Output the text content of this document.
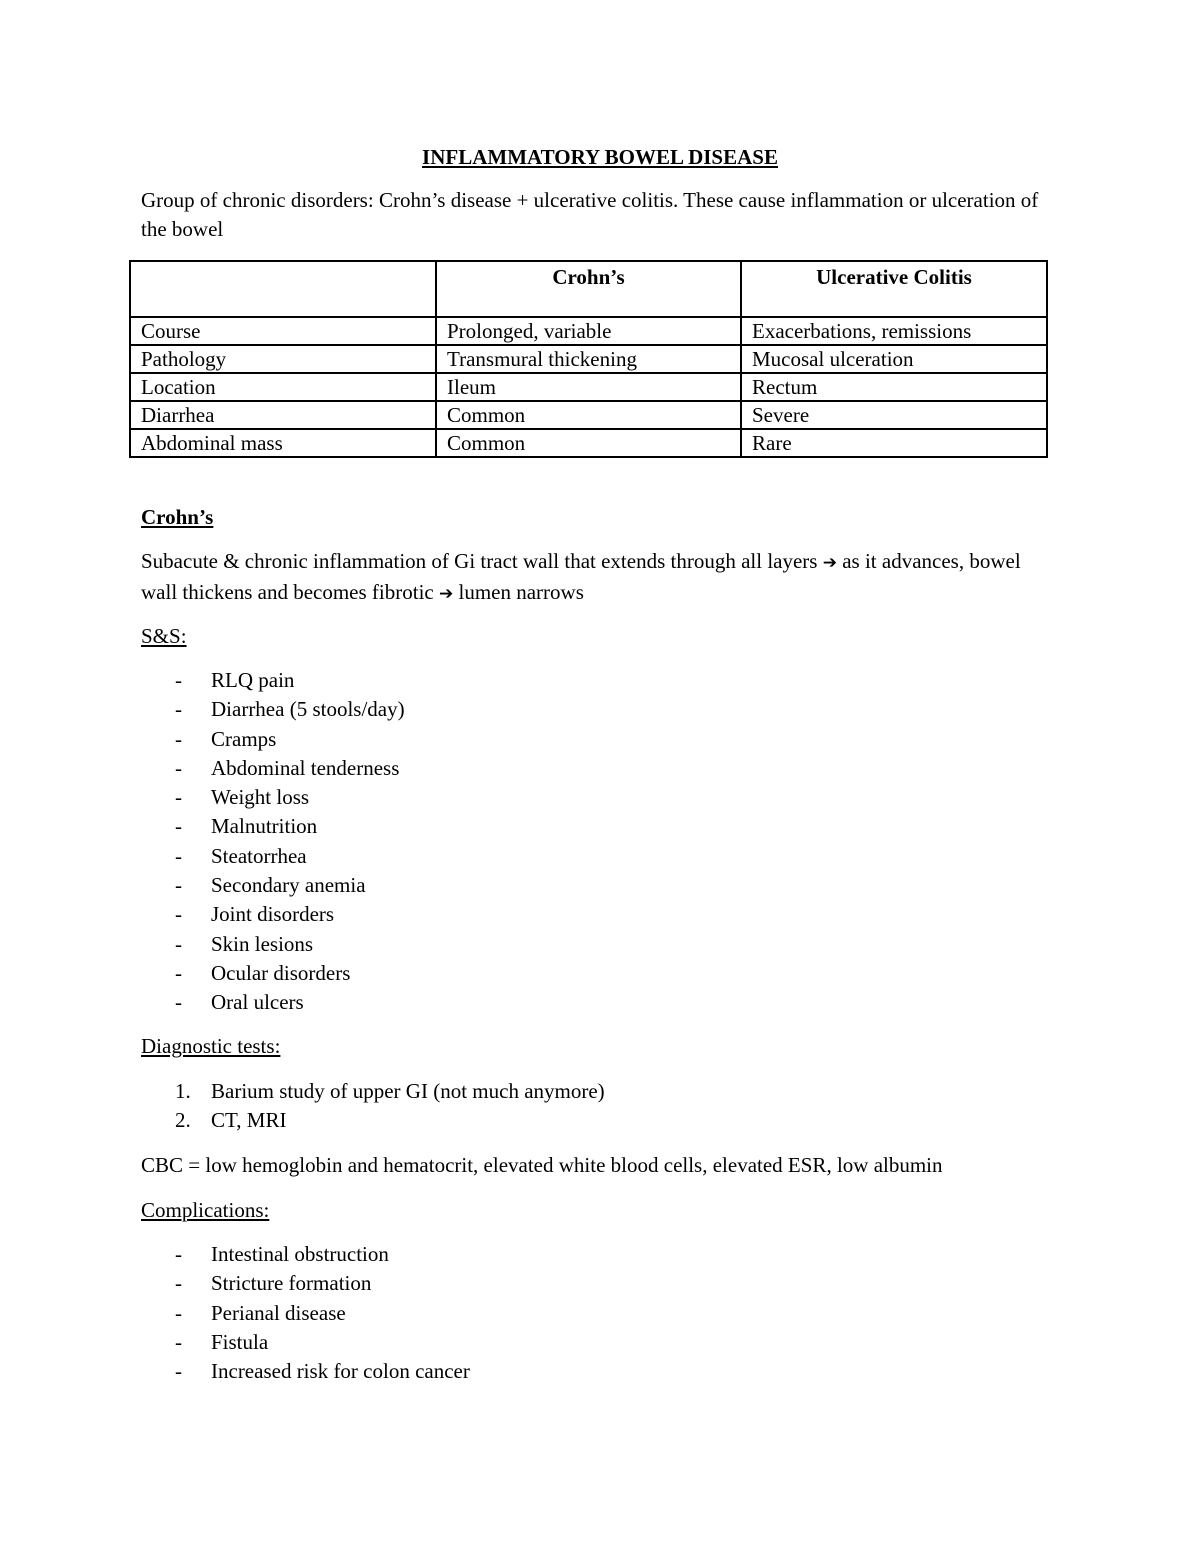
INFLAMMATORY BOWEL DISEASE
Group of chronic disorders: Crohn’s disease + ulcerative colitis. These cause inflammation or ulceration of the bowel
	Crohn’s	Ulcerative Colitis
Course	Prolonged, variable	Exacerbations, remissions
Pathology	Transmural thickening	Mucosal ulceration
Location	Ileum	Rectum
Diarrhea	Common	Severe
Abdominal mass	Common	Rare
Crohn’s
Subacute & chronic inflammation of Gi tract wall that extends through all layers ➔ as it advances, bowel wall thickens and becomes fibrotic ➔ lumen narrows
S&S:
- RLQ pain
- Diarrhea (5 stools/day)
- Cramps
- Abdominal tenderness
- Weight loss
- Malnutrition
- Steatorrhea
- Secondary anemia
- Joint disorders
- Skin lesions
- Ocular disorders
- Oral ulcers
Diagnostic tests:
1. Barium study of upper GI (not much anymore)
2. CT, MRI
CBC = low hemoglobin and hematocrit, elevated white blood cells, elevated ESR, low albumin
Complications:
- Intestinal obstruction
- Stricture formation
- Perianal disease
- Fistula
- Increased risk for colon cancer
